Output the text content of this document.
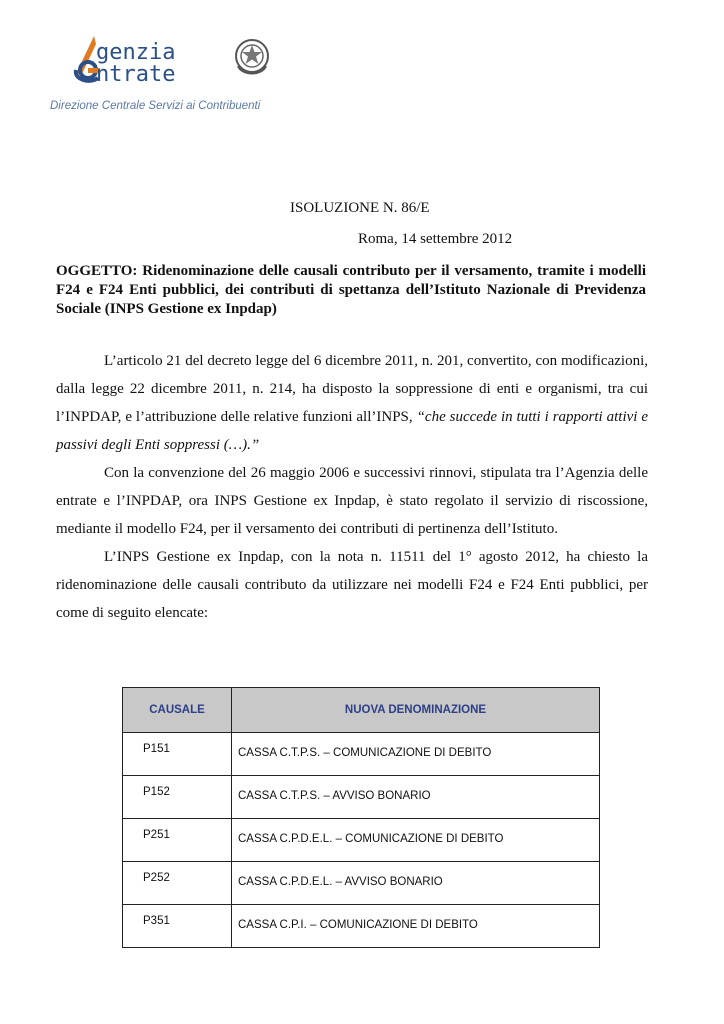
genzia
ntrate
Direzione Centrale Servizi ai Contribuenti
ISOLUZIONE N. 86/E
Roma, 14 settembre 2012
OGGETTO: Ridenominazione delle causali contributo per il versamento, tramite i modelli F24 e F24 Enti pubblici, dei contributi di spettanza dell’Istituto Nazionale di Previdenza Sociale (INPS Gestione ex Inpdap)

L’articolo 21 del decreto legge del 6 dicembre 2011, n. 201, convertito, con modificazioni, dalla legge 22 dicembre 2011, n. 214, ha disposto la soppressione di enti e organismi, tra cui l’INPDAP, e l’attribuzione delle relative funzioni all’INPS, “che succede in tutti i rapporti attivi e passivi degli Enti soppressi (…).”

Con la convenzione del 26 maggio 2006 e successivi rinnovi, stipulata tra l’Agenzia delle entrate e l’INPDAP, ora INPS Gestione ex Inpdap, è stato regolato il servizio di riscossione, mediante il modello F24, per il versamento dei contributi di pertinenza dell’Istituto.

L’INPS Gestione ex Inpdap, con la nota n. 11511 del 1° agosto 2012, ha chiesto la ridenominazione delle causali contributo da utilizzare nei modelli F24 e F24 Enti pubblici, per come di seguito elencate:

CAUSALE	NUOVA DENOMINAZIONE
P151	CASSA C.T.P.S. – COMUNICAZIONE DI DEBITO
P152	CASSA C.T.P.S. – AVVISO BONARIO
P251	CASSA C.P.D.E.L. – COMUNICAZIONE DI DEBITO
P252	CASSA C.P.D.E.L. – AVVISO BONARIO
P351	CASSA C.P.I. – COMUNICAZIONE DI DEBITO
